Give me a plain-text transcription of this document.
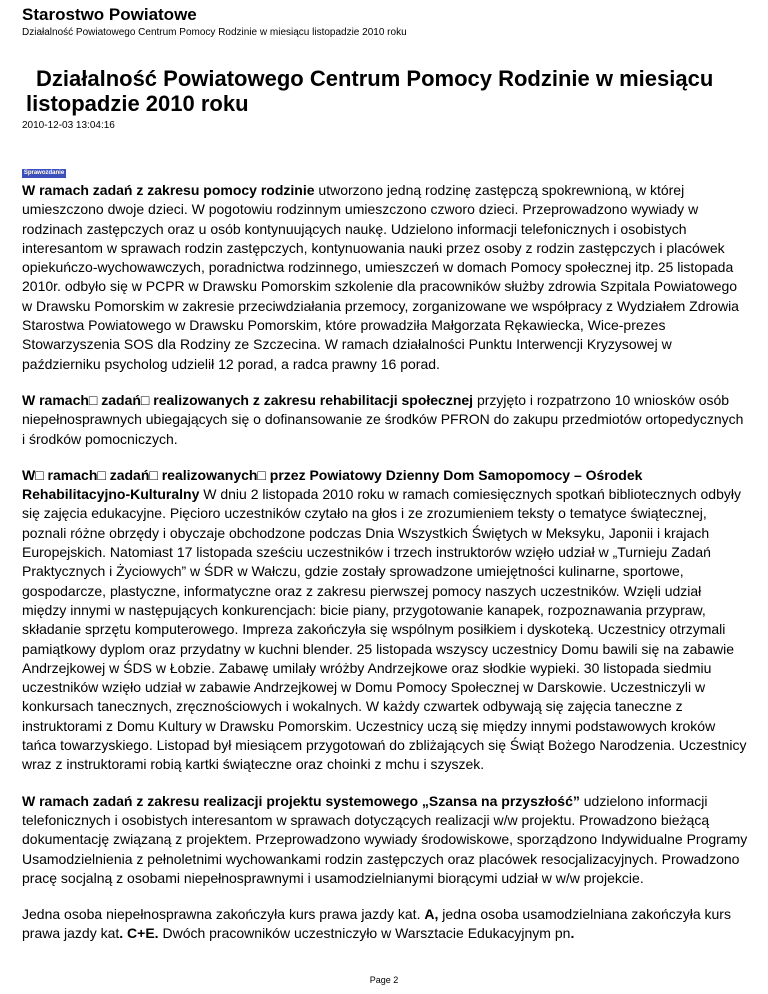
Starostwo Powiatowe

Działalność Powiatowego Centrum Pomocy Rodzinie w miesiącu listopadzie 2010 roku

Działalność Powiatowego Centrum Pomocy Rodzinie w miesiącu listopadzie 2010 roku

2010-12-03 13:04:16

Sprawozdanie

W ramach zadań z zakresu pomocy rodzinie utworzono jedną rodzinę zastępczą spokrewnioną, w której umieszczono dwoje dzieci. W pogotowiu rodzinnym umieszczono czworo dzieci. Przeprowadzono wywiady w rodzinach zastępczych oraz u osób kontynuujących naukę. Udzielono informacji telefonicznych i osobistych interesantom w sprawach rodzin zastępczych, kontynuowania nauki przez osoby z rodzin zastępczych i placówek opiekuńczo-wychowawczych, poradnictwa rodzinnego, umieszczeń w domach Pomocy społecznej itp. 25 listopada 2010r. odbyło się w PCPR w Drawsku Pomorskim szkolenie dla pracowników służby zdrowia Szpitala Powiatowego w Drawsku Pomorskim w zakresie przeciwdziałania przemocy, zorganizowane we współpracy z Wydziałem Zdrowia Starostwa Powiatowego w Drawsku Pomorskim, które prowadziła Małgorzata Rękawiecka, Wice-prezes Stowarzyszenia SOS dla Rodziny ze Szczecina. W ramach działalności Punktu Interwencji Kryzysowej w październiku psycholog udzielił 12 porad, a radca prawny 16 porad.

W ramach□ zadań□ realizowanych z zakresu rehabilitacji społecznej przyjęto i rozpatrzono 10 wniosków osób niepełnosprawnych ubiegających się o dofinansowanie ze środków PFRON do zakupu przedmiotów ortopedycznych i środków pomocniczych.

W□ ramach□ zadań□ realizowanych□ przez Powiatowy Dzienny Dom Samopomocy – Ośrodek Rehabilitacyjno-Kulturalny W dniu 2 listopada 2010 roku w ramach comiesięcznych spotkań bibliotecznych odbyły się zajęcia edukacyjne. Pięcioro uczestników czytało na głos i ze zrozumieniem teksty o tematyce świątecznej, poznali różne obrzędy i obyczaje obchodzone podczas Dnia Wszystkich Świętych w Meksyku, Japonii i krajach Europejskich. Natomiast 17 listopada sześciu uczestników i trzech instruktorów wzięło udział w „Turnieju Zadań Praktycznych i Życiowych” w ŚDR w Wałczu, gdzie zostały sprowadzone umiejętności kulinarne, sportowe, gospodarcze, plastyczne, informatyczne oraz z zakresu pierwszej pomocy naszych uczestników. Wzięli udział między innymi w następujących konkurencjach: bicie piany, przygotowanie kanapek, rozpoznawania przypraw, składanie sprzętu komputerowego. Impreza zakończyła się wspólnym posiłkiem i dyskoteką. Uczestnicy otrzymali pamiątkowy dyplom oraz przydatny w kuchni blender. 25 listopada wszyscy uczestnicy Domu bawili się na zabawie Andrzejkowej w ŚDS w Łobzie. Zabawę umilały wróżby Andrzejkowe oraz słodkie wypieki. 30 listopada siedmiu uczestników wzięło udział w zabawie Andrzejkowej w Domu Pomocy Społecznej w Darskowie. Uczestniczyli w konkursach tanecznych, zręcznościowych i wokalnych. W każdy czwartek odbywają się zajęcia taneczne z instruktorami z Domu Kultury w Drawsku Pomorskim. Uczestnicy uczą się między innymi podstawowych kroków tańca towarzyskiego. Listopad był miesiącem przygotowań do zbliżających się Świąt Bożego Narodzenia. Uczestnicy wraz z instruktorami robią kartki świąteczne oraz choinki z mchu i szyszek.

W ramach zadań z zakresu realizacji projektu systemowego „Szansa na przyszłość” udzielono informacji telefonicznych i osobistych interesantom w sprawach dotyczących realizacji w/w projektu. Prowadzono bieżącą dokumentację związaną z projektem. Przeprowadzono wywiady środowiskowe, sporządzono Indywidualne Programy Usamodzielnienia z pełnoletnimi wychowankami rodzin zastępczych oraz placówek resocjalizacyjnych. Prowadzono pracę socjalną z osobami niepełnosprawnymi i usamodzielnianymi biorącymi udział w w/w projekcie.

Jedna osoba niepełnosprawna zakończyła kurs prawa jazdy kat. A, jedna osoba usamodzielniana zakończyła kurs prawa jazdy kat. C+E. Dwóch pracowników uczestniczyło w Warsztacie Edukacyjnym pn.

Page 2
